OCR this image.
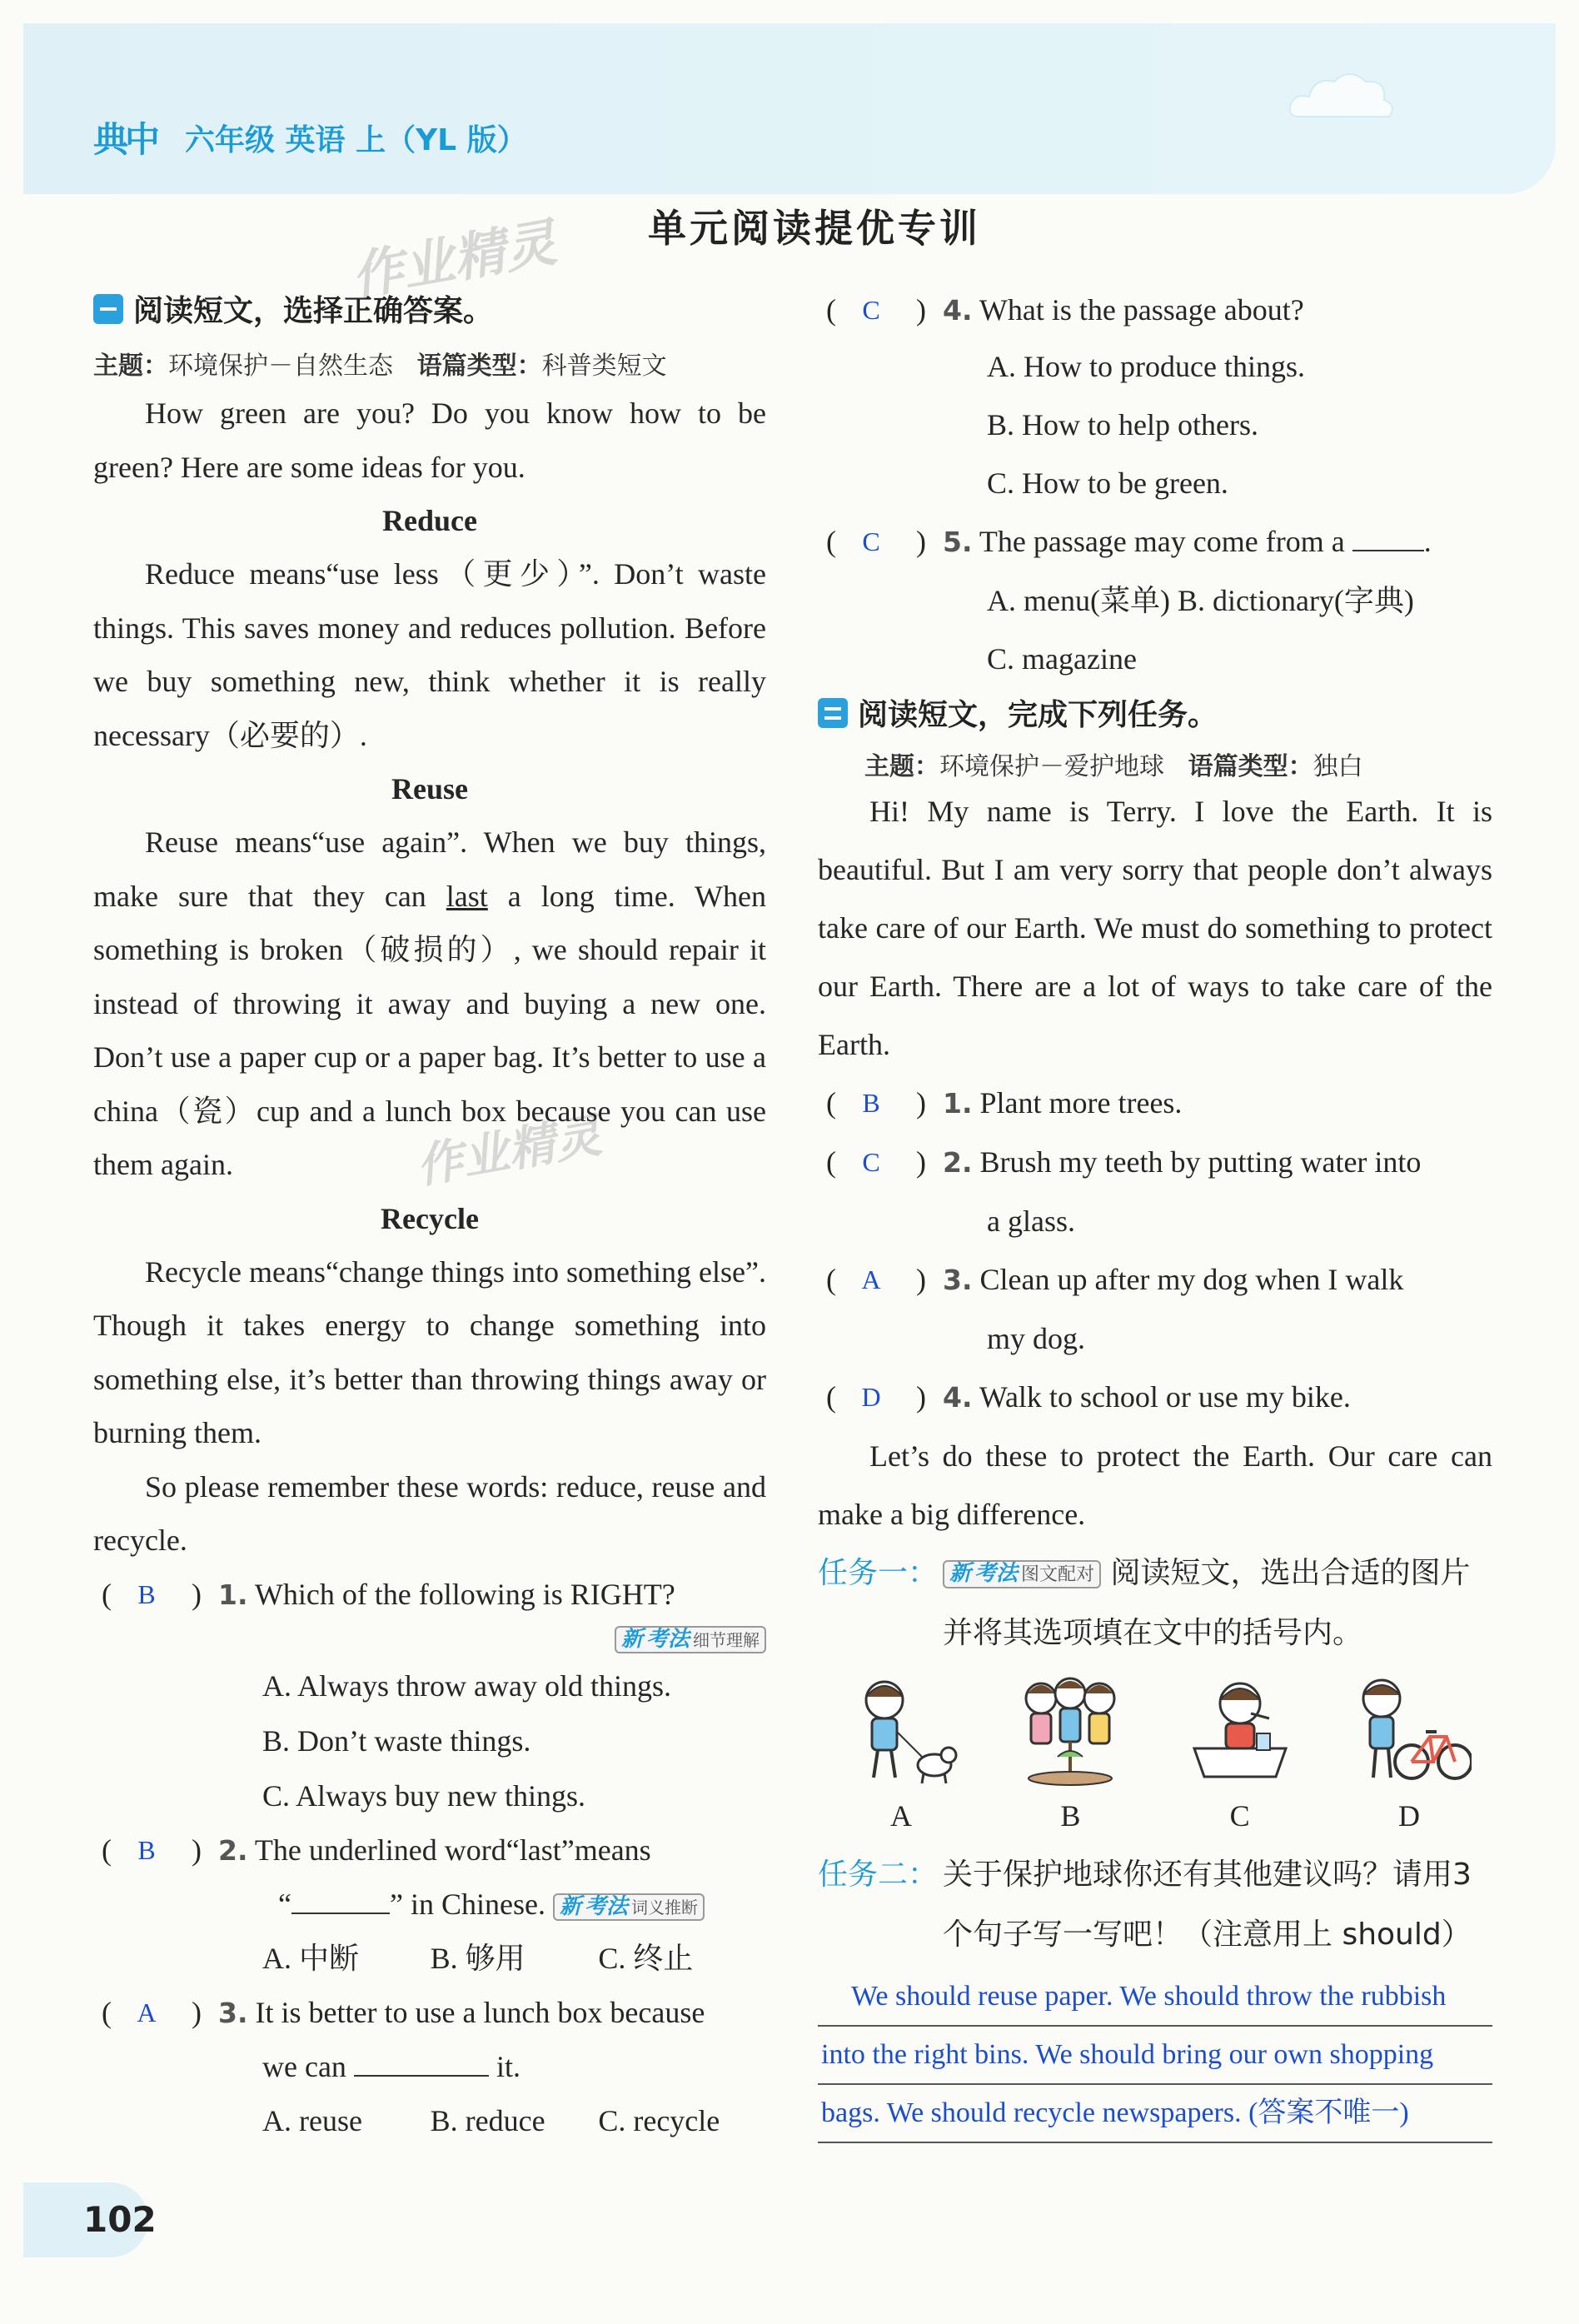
典中 六年级 英语 上（YL 版）
单元阅读提优专训
作业精灵
作业精灵
阅读短文，选择正确答案。
主题：环境保护－自然生态 语篇类型：科普类短文
How green are you? Do you know how to be green? Here are some ideas for you.
Reduce
Reduce means“use less（更少）”. Don’t waste things. This saves money and reduces pollution. Before we buy something new, think whether it is really necessary（必要的）.
Reuse
Reuse means“use again”. When we buy things, make sure that they can last a long time. When something is broken（破损的）, we should repair it instead of throwing it away and buying a new one. Don’t use a paper cup or a paper bag. It’s better to use a china（瓷）cup and a lunch box because you can use them again.
Recycle
Recycle means“change things into something else”. Though it takes energy to change something into something else, it’s better than throwing things away or burning them.
So please remember these words: reduce, reuse and recycle.
( B	) 1. Which of the following is RIGHT?
新 考法 细节理解
A. Always throw away old things.
B. Don’t waste things.
C. Always buy new things.
( B	) 2. The underlined word“last”means
“	” in Chinese. 新 考法 词义推断
A. 中断	B. 够用	C. 终止
( A	) 3. It is better to use a lunch box because
we can	it.
A. reuse	B. reduce	C. recycle
( C	) 4. What is the passage about?
A. How to produce things.
B. How to help others.
C. How to be green.
( C	) 5. The passage may come from a .
A. menu(菜单) B. dictionary(字典)
C. magazine
阅读短文，完成下列任务。
主题：环境保护－爱护地球 语篇类型：独白
Hi! My name is Terry. I love the Earth. It is beautiful. But I am very sorry that people don’t always take care of our Earth. We must do something to protect our Earth. There are a lot of ways to take care of the Earth.
( B	) 1. Plant more trees.
( C	) 2. Brush my teeth by putting water into
a glass.
( A	) 3. Clean up after my dog when I walk
my dog.
( D	) 4. Walk to school or use my bike.
Let’s do these to protect the Earth. Our care can make a big difference.
任务一： 新 考法 图文配对 阅读短文，选出合适的图片并将其选项填在文中的括号内。
A	B	C	D
任务二： 关于保护地球你还有其他建议吗？请用3个句子写一写吧！（注意用上 should）
We should reuse paper. We should throw the rubbish
into the right bins. We should bring our own shopping
bags. We should recycle newspapers. (答案不唯一)
102
